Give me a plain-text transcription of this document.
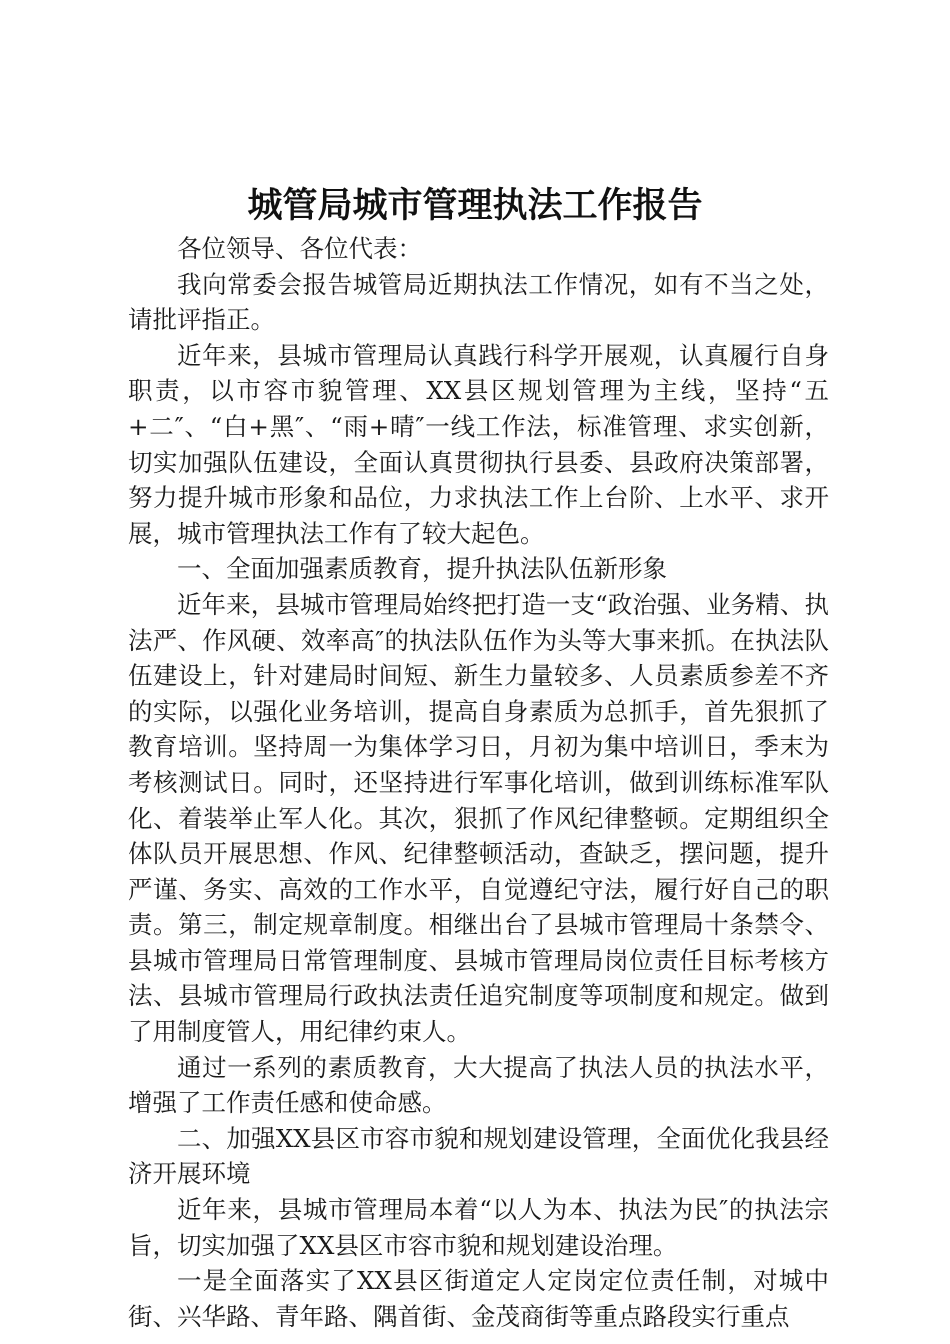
城管局城市管理执法工作报告

各位领导、各位代表：

我向常委会报告城管局近期执法工作情况，如有不当之处，请批评指正。

近年来，县城市管理局认真践行科学开展观，认真履行自身职责，以市容市貌管理、XX县区规划管理为主线，坚持“五+二″、“白+黑″、“雨+晴″一线工作法，标准管理、求实创新，切实加强队伍建设，全面认真贯彻执行县委、县政府决策部署，努力提升城市形象和品位，力求执法工作上台阶、上水平、求开展，城市管理执法工作有了较大起色。

一、全面加强素质教育，提升执法队伍新形象

近年来，县城市管理局始终把打造一支“政治强、业务精、执法严、作风硬、效率高″的执法队伍作为头等大事来抓。在执法队伍建设上，针对建局时间短、新生力量较多、人员素质参差不齐的实际，以强化业务培训，提高自身素质为总抓手，首先狠抓了教育培训。坚持周一为集体学习日，月初为集中培训日，季末为考核测试日。同时，还坚持进行军事化培训，做到训练标准军队化、着装举止军人化。其次，狠抓了作风纪律整顿。定期组织全体队员开展思想、作风、纪律整顿活动，查缺乏，摆问题，提升严谨、务实、高效的工作水平，自觉遵纪守法，履行好自己的职责。第三，制定规章制度。相继出台了县城市管理局十条禁令、县城市管理局日常管理制度、县城市管理局岗位责任目标考核方法、县城市管理局行政执法责任追究制度等项制度和规定。做到了用制度管人，用纪律约束人。

通过一系列的素质教育，大大提高了执法人员的执法水平，增强了工作责任感和使命感。

二、加强XX县区市容市貌和规划建设管理，全面优化我县经济开展环境

近年来，县城市管理局本着“以人为本、执法为民″的执法宗旨，切实加强了XX县区市容市貌和规划建设治理。

一是全面落实了XX县区街道定人定岗定位责任制，对城中街、兴华路、青年路、隅首街、金茂商街等重点路段实行重点
